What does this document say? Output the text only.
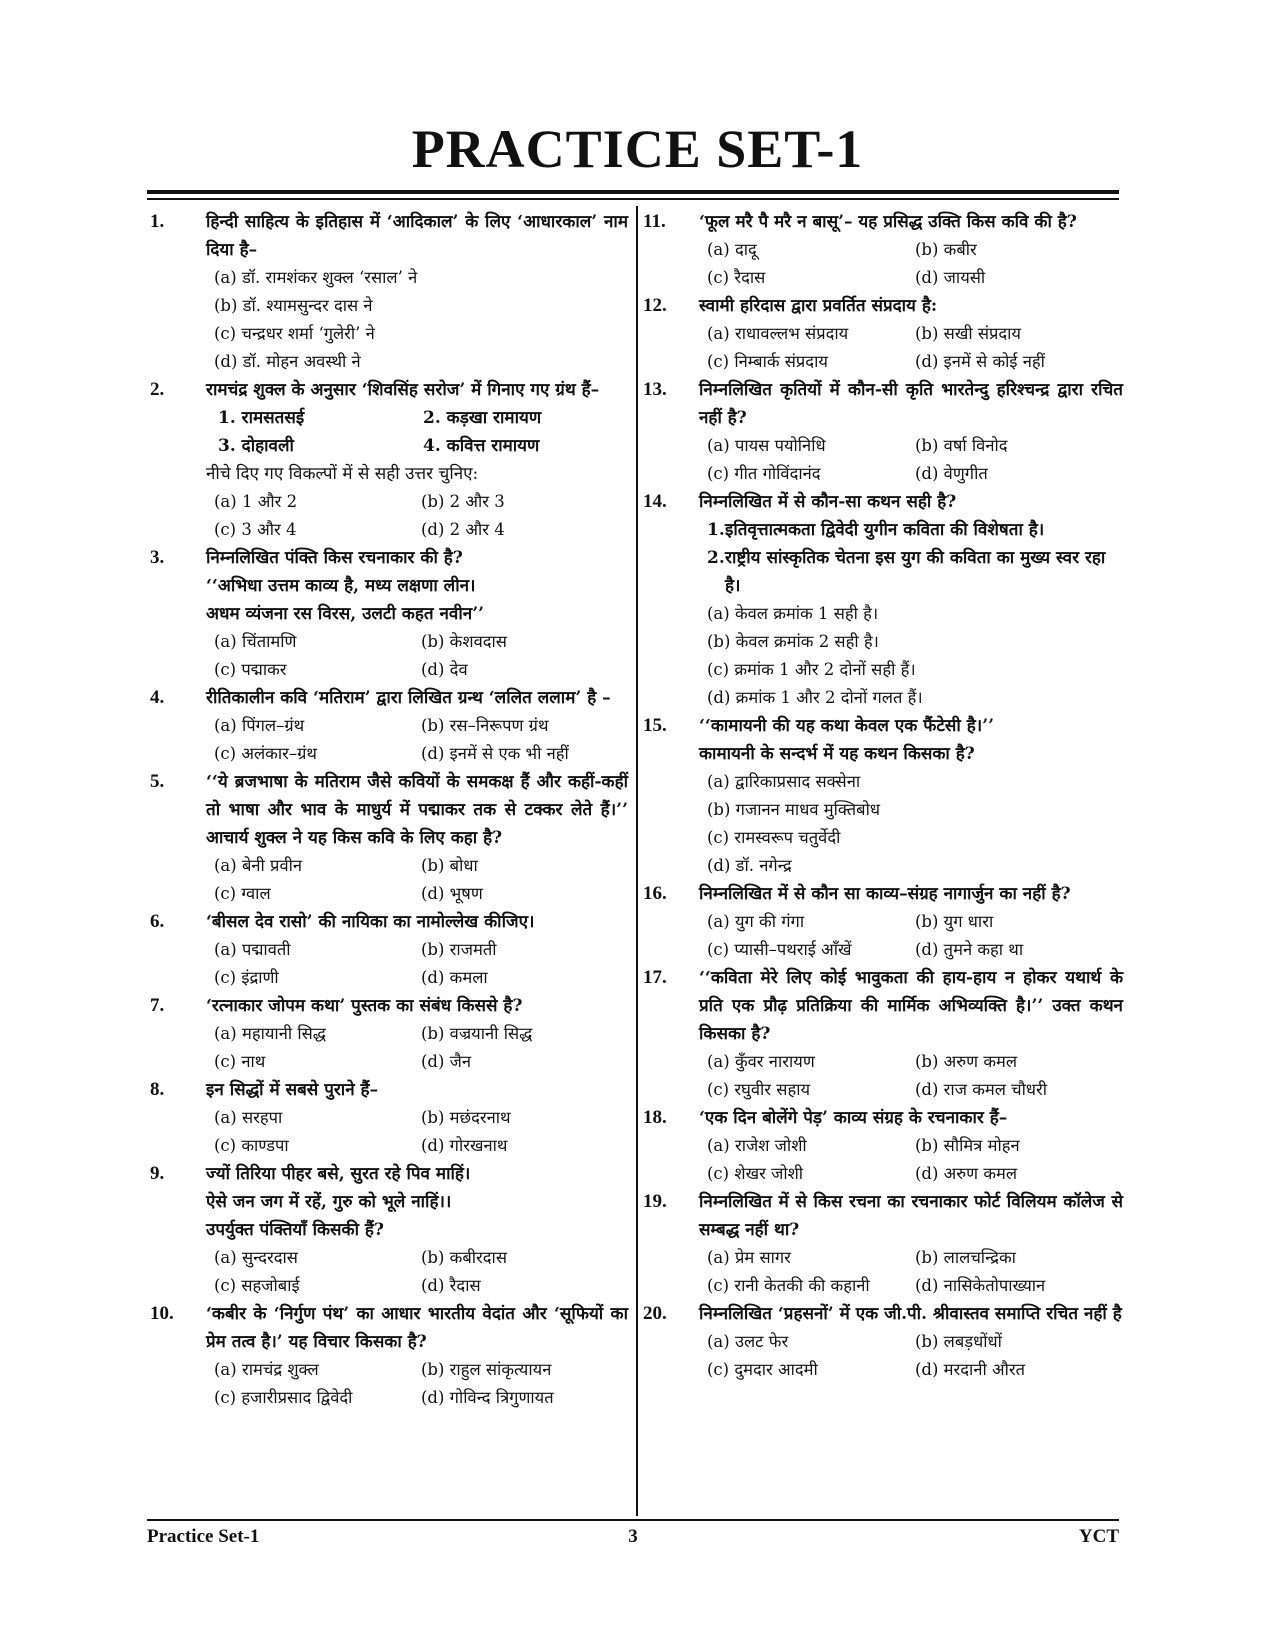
PRACTICE SET-1
1. हिन्दी साहित्य के इतिहास में ‘आदिकाल’ के लिए ‘आधारकाल’ नाम दिया है–
(a) डॉ. रामशंकर शुक्ल ‘रसाल’ ने
(b) डॉ. श्यामसुन्दर दास ने
(c) चन्द्रधर शर्मा ‘गुलेरी’ ने
(d) डॉ. मोहन अवस्थी ने
2. रामचंद्र शुक्ल के अनुसार ‘शिवसिंह सरोज’ में गिनाए गए ग्रंथ हैं–
1. रामसतसई	2. कड़खा रामायण
3. दोहावली	4. कवित्त रामायण
नीचे दिए गए विकल्पों में से सही उत्तर चुनिए:
(a) 1 और 2	(b) 2 और 3
(c) 3 और 4	(d) 2 और 4
3. निम्नलिखित पंक्ति किस रचनाकार की है?
‘‘अभिधा उत्तम काव्य है, मध्य लक्षणा लीन।
अधम व्यंजना रस विरस, उलटी कहत नवीन’’
(a) चिंतामणि	(b) केशवदास
(c) पद्माकर	(d) देव
4. रीतिकालीन कवि ‘मतिराम’ द्वारा लिखित ग्रन्थ ‘ललित ललाम’ है –
(a) पिंगल–ग्रंथ	(b) रस–निरूपण ग्रंथ
(c) अलंकार–ग्रंथ	(d) इनमें से एक भी नहीं
5. ‘‘ये ब्रजभाषा के मतिराम जैसे कवियों के समकक्ष हैं और कहीं-कहीं तो भाषा और भाव के माधुर्य में पद्माकर तक से टक्कर लेते हैं।’’ आचार्य शुक्ल ने यह किस कवि के लिए कहा है?
(a) बेनी प्रवीन	(b) बोधा
(c) ग्वाल	(d) भूषण
6. ‘बीसल देव रासो’ की नायिका का नामोल्लेख कीजिए।
(a) पद्मावती	(b) राजमती
(c) इंद्राणी	(d) कमला
7. ‘रत्नाकार जोपम कथा’ पुस्तक का संबंध किससे है?
(a) महायानी सिद्ध	(b) वज्रयानी सिद्ध
(c) नाथ	(d) जैन
8. इन सिद्धों में सबसे पुराने हैं–
(a) सरहपा	(b) मछंदरनाथ
(c) काण्डपा	(d) गोरखनाथ
9. ज्यों तिरिया पीहर बसे, सुरत रहे पिव माहिं।
ऐसे जन जग में रहें, गुरु को भूले नाहिं।।
उपर्युक्त पंक्तियाँ किसकी हैं?
(a) सुन्दरदास	(b) कबीरदास
(c) सहजोबाई	(d) रैदास
10. ‘कबीर के ‘निर्गुण पंथ’ का आधार भारतीय वेदांत और ‘सूफियों का प्रेम तत्व है।’ यह विचार किसका है?
(a) रामचंद्र शुक्ल	(b) राहुल सांकृत्यायन
(c) हजारीप्रसाद द्विवेदी	(d) गोविन्द त्रिगुणायत
11. ‘फूल मरै पै मरै न बासू’– यह प्रसिद्ध उक्ति किस कवि की है?
(a) दादू	(b) कबीर
(c) रैदास	(d) जायसी
12. स्वामी हरिदास द्वारा प्रवर्तित संप्रदाय है:
(a) राधावल्लभ संप्रदाय	(b) सखी संप्रदाय
(c) निम्बार्क संप्रदाय	(d) इनमें से कोई नहीं
13. निम्नलिखित कृतियों में कौन-सी कृति भारतेन्दु हरिश्चन्द्र द्वारा रचित नहीं है?
(a) पायस पयोनिधि	(b) वर्षा विनोद
(c) गीत गोविंदानंद	(d) वेणुगीत
14. निम्नलिखित में से कौन-सा कथन सही है?
1. इतिवृत्तात्मकता द्विवेदी युगीन कविता की विशेषता है।
2. राष्ट्रीय सांस्कृतिक चेतना इस युग की कविता का मुख्य स्वर रहा है।
(a) केवल क्रमांक 1 सही है।
(b) केवल क्रमांक 2 सही है।
(c) क्रमांक 1 और 2 दोनों सही हैं।
(d) क्रमांक 1 और 2 दोनों गलत हैं।
15. ‘‘कामायनी की यह कथा केवल एक फैंटेसी है।’’
कामायनी के सन्दर्भ में यह कथन किसका है?
(a) द्वारिकाप्रसाद सक्सेना
(b) गजानन माधव मुक्तिबोध
(c) रामस्वरूप चतुर्वेदी
(d) डॉ. नगेन्द्र
16. निम्नलिखित में से कौन सा काव्य–संग्रह नागार्जुन का नहीं है?
(a) युग की गंगा	(b) युग धारा
(c) प्यासी–पथराई आँखें	(d) तुमने कहा था
17. ‘‘कविता मेरे लिए कोई भावुकता की हाय-हाय न होकर यथार्थ के प्रति एक प्रौढ़ प्रतिक्रिया की मार्मिक अभिव्यक्ति है।’’ उक्त कथन किसका है?
(a) कुँवर नारायण	(b) अरुण कमल
(c) रघुवीर सहाय	(d) राज कमल चौधरी
18. ‘एक दिन बोलेंगे पेड़’ काव्य संग्रह के रचनाकार हैं–
(a) राजेश जोशी	(b) सौमित्र मोहन
(c) शेखर जोशी	(d) अरुण कमल
19. निम्नलिखित में से किस रचना का रचनाकार फोर्ट विलियम कॉलेज से सम्बद्ध नहीं था?
(a) प्रेम सागर	(b) लालचन्द्रिका
(c) रानी केतकी की कहानी	(d) नासिकेतोपाख्यान
20. निम्नलिखित ‘प्रहसनों’ में एक जी.पी. श्रीवास्तव समाप्ति रचित नहीं है
(a) उलट फेर	(b) लबड़धोंधों
(c) दुमदार आदमी	(d) मरदानी औरत
Practice Set-1	3	YCT
